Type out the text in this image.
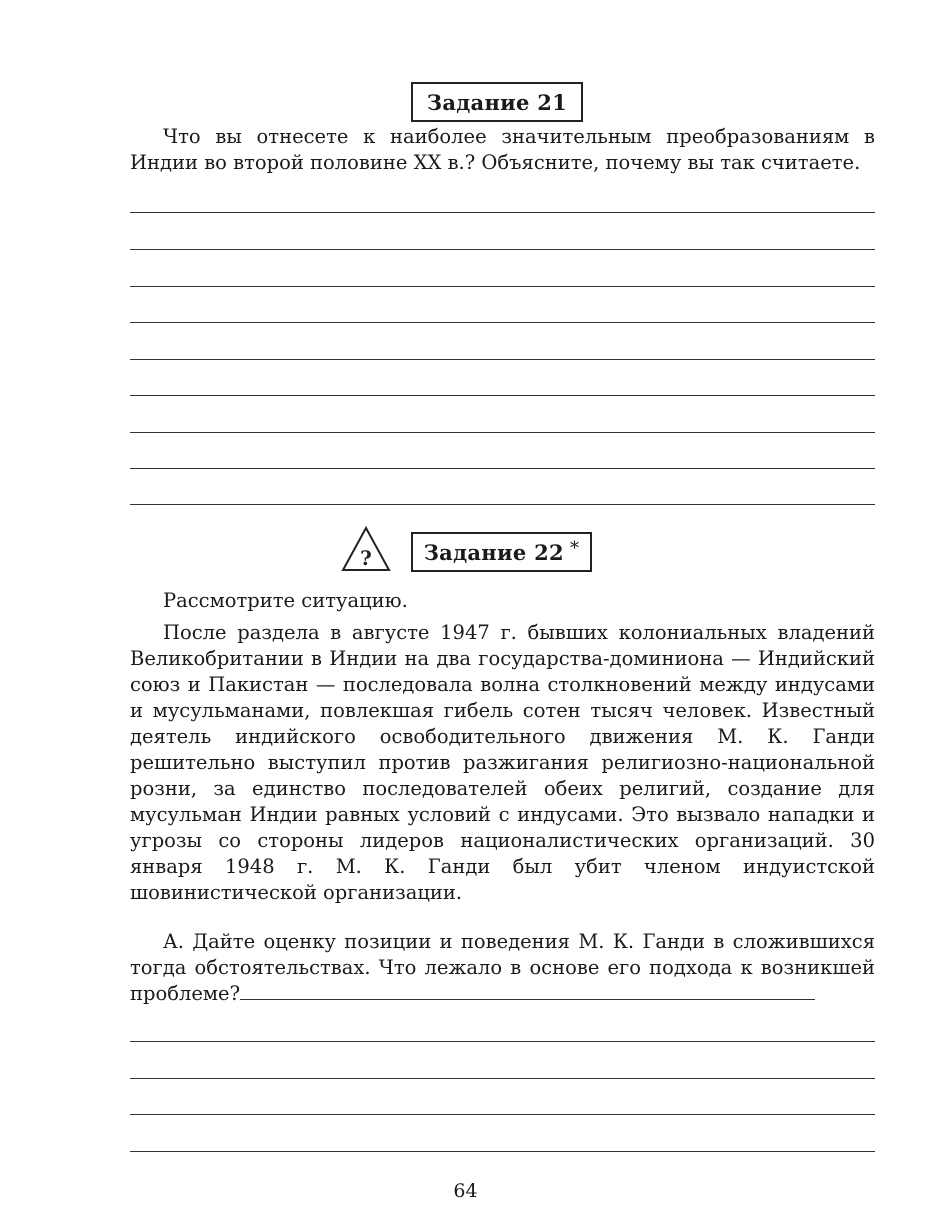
Задание 21

Что вы отнесете к наиболее значительным преобразованиям в Индии во второй половине XX в.? Объясните, почему вы так считаете.

? Задание 22 *

Рассмотрите ситуацию.

После раздела в августе 1947 г. бывших колониальных владений Великобритании в Индии на два государства-доминиона — Индийский союз и Пакистан — последовала волна столкновений между индусами и мусульманами, повлекшая гибель сотен тысяч человек. Известный деятель индийского освободительного движения М. К. Ганди решительно выступил против разжигания религиозно-национальной розни, за единство последователей обеих религий, создание для мусульман Индии равных условий с индусами. Это вызвало нападки и угрозы со стороны лидеров националистических организаций. 30 января 1948 г. М. К. Ганди был убит членом индуистской шовинистической организации.

А. Дайте оценку позиции и поведения М. К. Ганди в сложившихся тогда обстоятельствах. Что лежало в основе его подхода к возникшей проблеме?

64
